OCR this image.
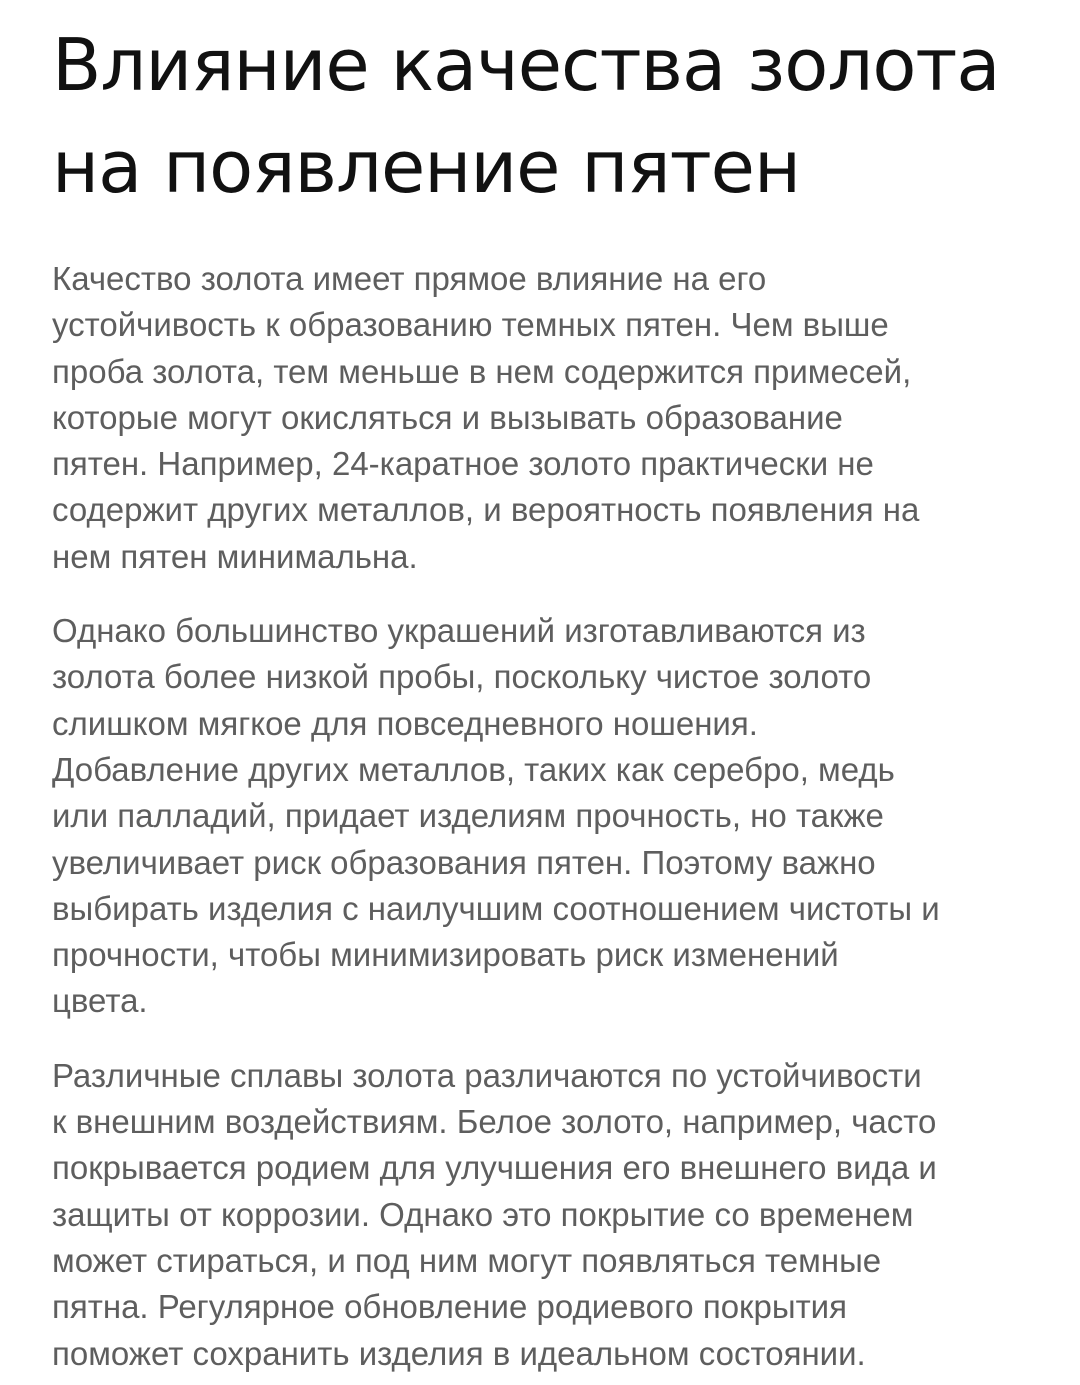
Влияние качества золота
на появление пятен

Качество золота имеет прямое влияние на его
устойчивость к образованию темных пятен. Чем выше
проба золота, тем меньше в нем содержится примесей,
которые могут окисляться и вызывать образование
пятен. Например, 24-каратное золото практически не
содержит других металлов, и вероятность появления на
нем пятен минимальна.

Однако большинство украшений изготавливаются из
золота более низкой пробы, поскольку чистое золото
слишком мягкое для повседневного ношения.
Добавление других металлов, таких как серебро, медь
или палладий, придает изделиям прочность, но также
увеличивает риск образования пятен. Поэтому важно
выбирать изделия с наилучшим соотношением чистоты и
прочности, чтобы минимизировать риск изменений
цвета.

Различные сплавы золота различаются по устойчивости
к внешним воздействиям. Белое золото, например, часто
покрывается родием для улучшения его внешнего вида и
защиты от коррозии. Однако это покрытие со временем
может стираться, и под ним могут появляться темные
пятна. Регулярное обновление родиевого покрытия
поможет сохранить изделия в идеальном состоянии.
